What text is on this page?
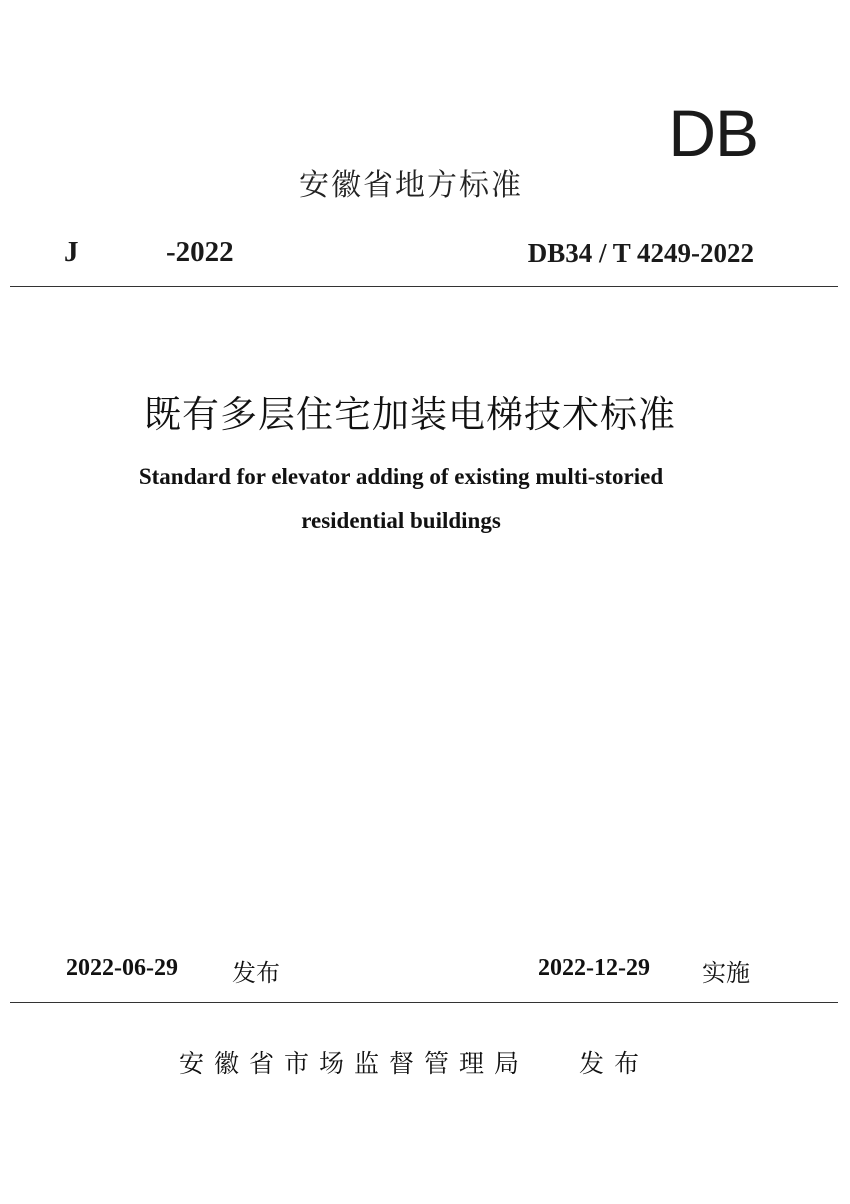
DB
安徽省地方标准
J	-2022	DB34 / T 4249-2022
既有多层住宅加装电梯技术标准
Standard for elevator adding of existing multi-storied
residential buildings
2022-06-29 发布	2022-12-29 实施
安徽省市场监督管理局 发布
